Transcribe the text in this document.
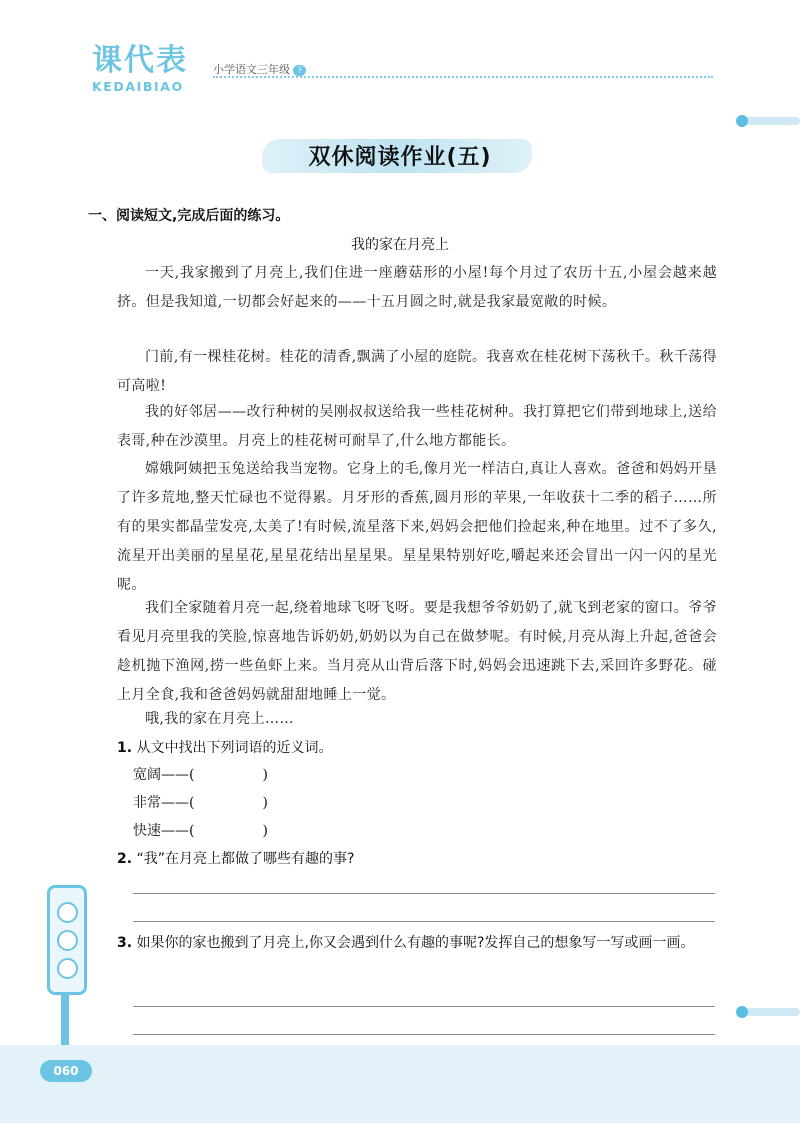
课代表
KEDAIBIAO
小学语文三年级 下册
双休阅读作业(五)
一、阅读短文,完成后面的练习。
我的家在月亮上

一天,我家搬到了月亮上,我们住进一座蘑菇形的小屋!每个月过了农历十五,小屋会越来越挤。但是我知道,一切都会好起来的——十五月圆之时,就是我家最宽敞的时候。

门前,有一棵桂花树。桂花的清香,飘满了小屋的庭院。我喜欢在桂花树下荡秋千。秋千荡得可高啦!

我的好邻居——改行种树的吴刚叔叔送给我一些桂花树种。我打算把它们带到地球上,送给表哥,种在沙漠里。月亮上的桂花树可耐旱了,什么地方都能长。

嫦娥阿姨把玉兔送给我当宠物。它身上的毛,像月光一样洁白,真让人喜欢。爸爸和妈妈开垦了许多荒地,整天忙碌也不觉得累。月牙形的香蕉,圆月形的苹果,一年收获十二季的稻子……所有的果实都晶莹发亮,太美了!有时候,流星落下来,妈妈会把他们捡起来,种在地里。过不了多久,流星开出美丽的星星花,星星花结出星星果。星星果特别好吃,嚼起来还会冒出一闪一闪的星光呢。

我们全家随着月亮一起,绕着地球飞呀飞呀。要是我想爷爷奶奶了,就飞到老家的窗口。爷爷看见月亮里我的笑脸,惊喜地告诉奶奶,奶奶以为自己在做梦呢。有时候,月亮从海上升起,爸爸会趁机抛下渔网,捞一些鱼虾上来。当月亮从山背后落下时,妈妈会迅速跳下去,采回许多野花。碰上月全食,我和爸爸妈妈就甜甜地睡上一觉。

哦,我的家在月亮上……

1. 从文中找出下列词语的近义词。
宽阔——(	)
非常——(	)
快速——(	)
2. “我”在月亮上都做了哪些有趣的事?
3. 如果你的家也搬到了月亮上,你又会遇到什么有趣的事呢?发挥自己的想象写一写或画一画。
060
